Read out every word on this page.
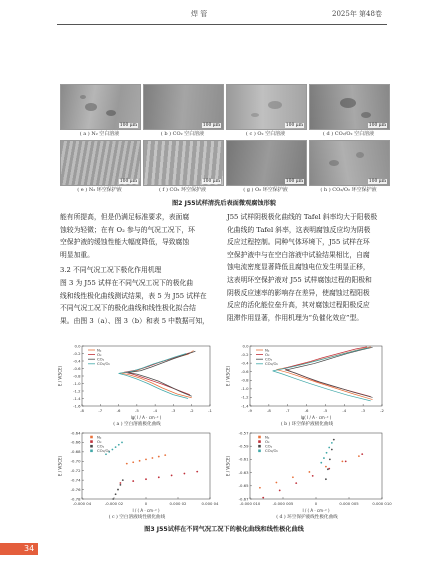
焊 管	2025年 第48卷
100 μm	100 μm	100 μm	100 μm
( a ) N₂ 空白溶液	( b ) CO₂ 空白溶液	( c ) O₂ 空白溶液	( d ) CO₂/O₂ 空白溶液
100 μm	100 μm	100 μm	100 μm
( e ) N₂ 环空保护液	( f ) CO₂ 环空保护液	( g ) O₂ 环空保护液	( h ) CO₂/O₂ 环空保护液
图2 J55试样清洗后表面微观腐蚀形貌
能有所提高，但是仍满足标准要求，表面腐
蚀较为轻微；在有 O₂ 参与的气况工况下，环
空保护液的缓蚀性能大幅度降低，导致腐蚀
明显加重。
3.2 不同气况工况下极化作用机理
图 3 为 J55 试样在不同气况工况下的极化曲
线和线性极化曲线测试结果，表 5 为 J55 试样在
不同气况工况下的极化曲线和线性极化拟合结
果。由图 3（a）、图 3（b）和表 5 中数据可知，
J55 试样阴极极化曲线的 Tafel 斜率均大于阳极极
化曲线的 Tafel 斜率，这表明腐蚀反应均为阴极
反应过程控制。同种气体环境下，J55 试样在环
空保护液中与在空白溶液中试验结果相比，自腐
蚀电流密度显著降低且腐蚀电位发生明显正移，
这表明环空保护液对 J55 试样腐蚀过程的阳极和
阴极反应速率的影响存在差异，使腐蚀过程阳极
反应的活化能位垒升高，其对腐蚀过程阳极反应
阻滞作用显著，作用机理为“负催化效应”型。
-8	-7	-6	-5	-4	-3	-2	-1
0.0
-0.2
-0.4
-0.6
-0.8
-1.0
-1.2
-1.4
-1.6
lg( I / A · cm⁻² )
E / V(SCE)
N₂
O₂
CO₂
CO₂/O₂
( a ) 空白溶液极化曲线
-9	-8	-7	-6	-5	-4	-3	-2
0.0
-0.2
-0.4
-0.6
-0.8
-1.0
-1.2
-1.4
lg( I / A · cm⁻² )
E / V(SCE)
N₂
O₂
CO₂
CO₂/O₂
( b ) 环空保护液极化曲线
-0.000 04	-0.000 02	0	0.000 02	0.000 04
-0.64
-0.66
-0.68
-0.70
-0.72
-0.74
-0.76
-0.78
I / ( A · cm⁻² )
E / V(SCE)
N₂
O₂
CO₂
CO₂/O₂
( c ) 空白溶液线性极化曲线
-0.000 010	-0.000 005	0	0.000 005	0.000 010
-0.57
-0.59
-0.61
-0.63
-0.65
-0.67
I / ( A · cm⁻² )
E / V(SCE)
N₂
O₂
CO₂
CO₂/O₂
( d ) 环空保护液线性极化曲线
图3 J55试样在不同气况工况下的极化曲线和线性极化曲线
34
